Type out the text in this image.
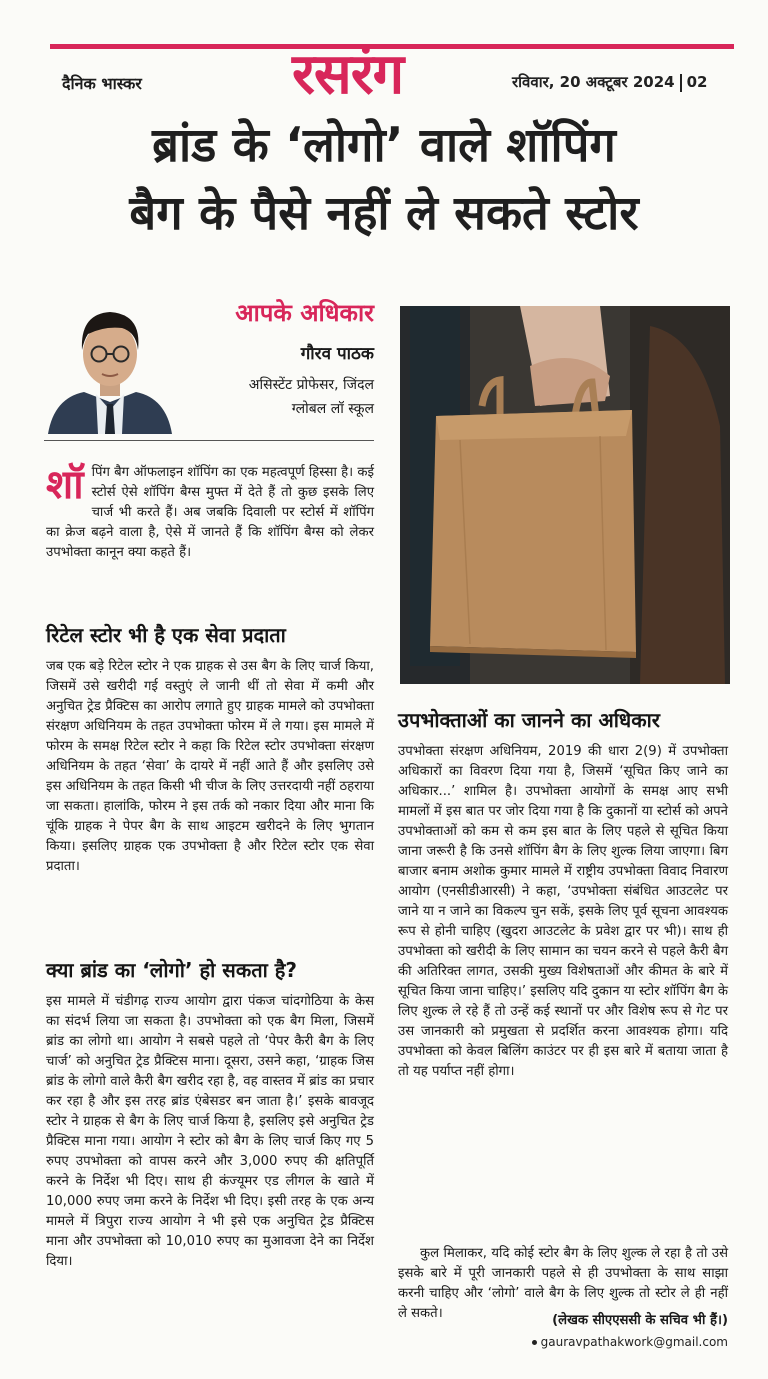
दैनिक भास्कर	रसरंग	रविवार, 20 अक्टूबर 2024 02
ब्रांड के ‘लोगो’ वाले शॉपिंग
बैग के पैसे नहीं ले सकते स्टोर
आपके अधिकार
गौरव पाठक
असिस्टेंट प्रोफेसर, जिंदल
ग्लोबल लॉ स्कूल
शॉपिंग बैग ऑफलाइन शॉपिंग का एक महत्वपूर्ण हिस्सा है। कई स्टोर्स ऐसे शॉपिंग बैग्स मुफ्त में देते हैं तो कुछ इसके लिए चार्ज भी करते हैं। अब जबकि दिवाली पर स्टोर्स में शॉपिंग का क्रेज बढ़ने वाला है, ऐसे में जानते हैं कि शॉपिंग बैग्स को लेकर उपभोक्ता कानून क्या कहते हैं।
रिटेल स्टोर भी है एक सेवा प्रदाता
जब एक बड़े रिटेल स्टोर ने एक ग्राहक से उस बैग के लिए चार्ज किया, जिसमें उसे खरीदी गई वस्तुएं ले जानी थीं तो सेवा में कमी और अनुचित ट्रेड प्रैक्टिस का आरोप लगाते हुए ग्राहक मामले को उपभोक्ता संरक्षण अधिनियम के तहत उपभोक्ता फोरम में ले गया। इस मामले में फोरम के समक्ष रिटेल स्टोर ने कहा कि रिटेल स्टोर उपभोक्ता संरक्षण अधिनियम के तहत ‘सेवा’ के दायरे में नहीं आते हैं और इसलिए उसे इस अधिनियम के तहत किसी भी चीज के लिए उत्तरदायी नहीं ठहराया जा सकता। हालांकि, फोरम ने इस तर्क को नकार दिया और माना कि चूंकि ग्राहक ने पेपर बैग के साथ आइटम खरीदने के लिए भुगतान किया। इसलिए ग्राहक एक उपभोक्ता है और रिटेल स्टोर एक सेवा प्रदाता।
क्या ब्रांड का ‘लोगो’ हो सकता है?
इस मामले में चंडीगढ़ राज्य आयोग द्वारा पंकज चांदगोठिया के केस का संदर्भ लिया जा सकता है। उपभोक्ता को एक बैग मिला, जिसमें ब्रांड का लोगो था। आयोग ने सबसे पहले तो ‘पेपर कैरी बैग के लिए चार्ज’ को अनुचित ट्रेड प्रैक्टिस माना। दूसरा, उसने कहा, ‘ग्राहक जिस ब्रांड के लोगो वाले कैरी बैग खरीद रहा है, वह वास्तव में ब्रांड का प्रचार कर रहा है और इस तरह ब्रांड एंबेसडर बन जाता है।’ इसके बावजूद स्टोर ने ग्राहक से बैग के लिए चार्ज किया है, इसलिए इसे अनुचित ट्रेड प्रैक्टिस माना गया। आयोग ने स्टोर को बैग के लिए चार्ज किए गए 5 रुपए उपभोक्ता को वापस करने और 3,000 रुपए की क्षतिपूर्ति करने के निर्देश भी दिए। साथ ही कंज्यूमर एड लीगल के खाते में 10,000 रुपए जमा करने के निर्देश भी दिए। इसी तरह के एक अन्य मामले में त्रिपुरा राज्य आयोग ने भी इसे एक अनुचित ट्रेड प्रैक्टिस माना और उपभोक्ता को 10,010 रुपए का मुआवजा देने का निर्देश दिया।
उपभोक्ताओं का जानने का अधिकार
उपभोक्ता संरक्षण अधिनियम, 2019 की धारा 2(9) में उपभोक्ता अधिकारों का विवरण दिया गया है, जिसमें ‘सूचित किए जाने का अधिकार...’ शामिल है। उपभोक्ता आयोगों के समक्ष आए सभी मामलों में इस बात पर जोर दिया गया है कि दुकानों या स्टोर्स को अपने उपभोक्ताओं को कम से कम इस बात के लिए पहले से सूचित किया जाना जरूरी है कि उनसे शॉपिंग बैग के लिए शुल्क लिया जाएगा। बिग बाजार बनाम अशोक कुमार मामले में राष्ट्रीय उपभोक्ता विवाद निवारण आयोग (एनसीडीआरसी) ने कहा, ‘उपभोक्ता संबंधित आउटलेट पर जाने या न जाने का विकल्प चुन सकें, इसके लिए पूर्व सूचना आवश्यक रूप से होनी चाहिए (खुदरा आउटलेट के प्रवेश द्वार पर भी)। साथ ही उपभोक्ता को खरीदी के लिए सामान का चयन करने से पहले कैरी बैग की अतिरिक्त लागत, उसकी मुख्य विशेषताओं और कीमत के बारे में सूचित किया जाना चाहिए।’ इसलिए यदि दुकान या स्टोर शॉपिंग बैग के लिए शुल्क ले रहे हैं तो उन्हें कई स्थानों पर और विशेष रूप से गेट पर उस जानकारी को प्रमुखता से प्रदर्शित करना आवश्यक होगा। यदि उपभोक्ता को केवल बिलिंग काउंटर पर ही इस बारे में बताया जाता है तो यह पर्याप्त नहीं होगा।
कुल मिलाकर, यदि कोई स्टोर बैग के लिए शुल्क ले रहा है तो उसे इसके बारे में पूरी जानकारी पहले से ही उपभोक्ता के साथ साझा करनी चाहिए और ‘लोगो’ वाले बैग के लिए शुल्क तो स्टोर ले ही नहीं ले सकते।	(लेखक सीएएससी के सचिव भी हैं।)
gauravpathakwork@gmail.com
